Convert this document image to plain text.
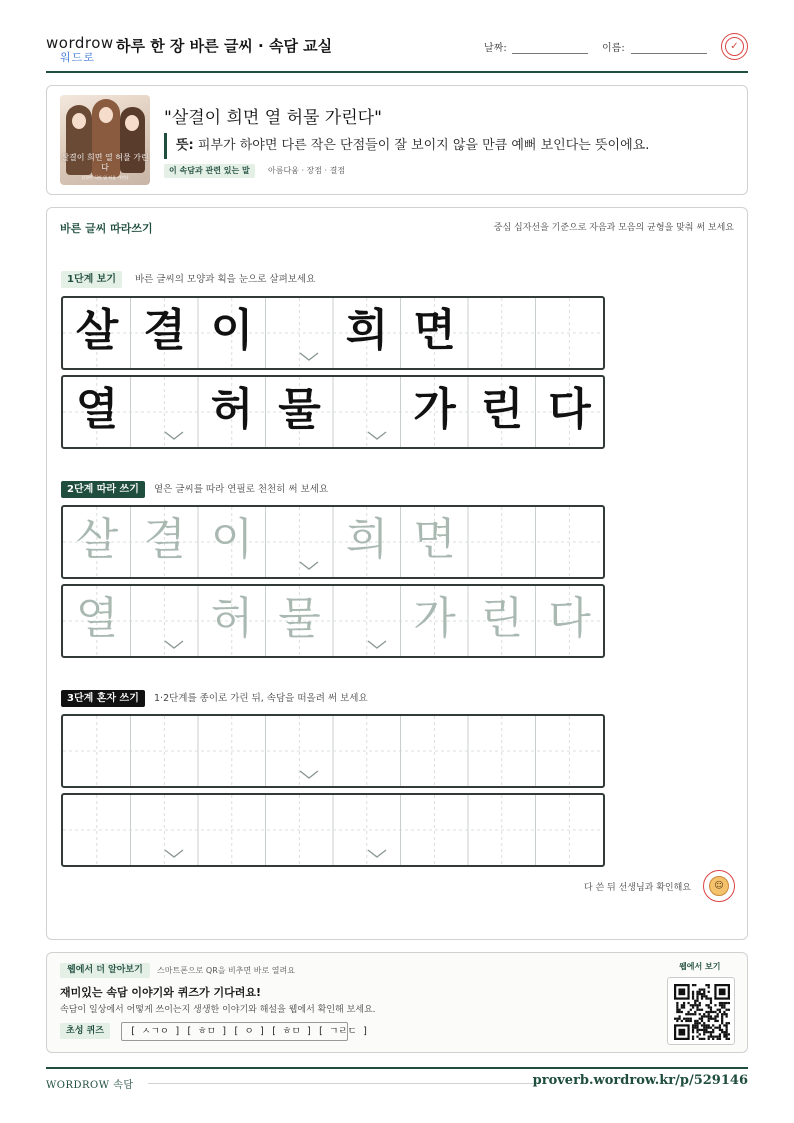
wordrow
워드로
하루 한 장 바른 글씨 · 속담 교실	날짜:	이름:	✓
살결이 희면 열 허물 가린다
살결이 희면 열 허물 가린다
"살결이 희면 열 허물 가린다"
뜻: 피부가 하야면 다른 작은 단점들이 잘 보이지 않을 만큼 예뻐 보인다는 뜻이에요.
이 속담과 관련 있는 말	아름다움 · 장점 · 결점
바른 글씨 따라쓰기	중심 십자선을 기준으로 자음과 모음의 균형을 맞춰 써 보세요
1단계 보기	바른 글씨의 모양과 획을 눈으로 살펴보세요
살 결 이 희 면
열 허 물 가 린 다
2단계 따라 쓰기	옅은 글씨를 따라 연필로 천천히 써 보세요
살 결 이 희 면
열 허 물 가 린 다
3단계 혼자 쓰기	1·2단계를 종이로 가린 뒤, 속담을 떠올려 써 보세요
다 쓴 뒤 선생님과 확인해요	☺
웹에서 더 알아보기	스마트폰으로 QR을 비추면 바로 열려요
재미있는 속담 이야기와 퀴즈가 기다려요!
속담이 일상에서 어떻게 쓰이는지 생생한 이야기와 해설을 웹에서 확인해 보세요.
초성 퀴즈	[ ㅅㄱㅇ ] [ ㅎㅁ ] [ ㅇ ] [ ㅎㅁ ] [ ㄱㄹㄷ ]
웹에서 보기
WORDROW 속담	proverb.wordrow.kr/p/529146
